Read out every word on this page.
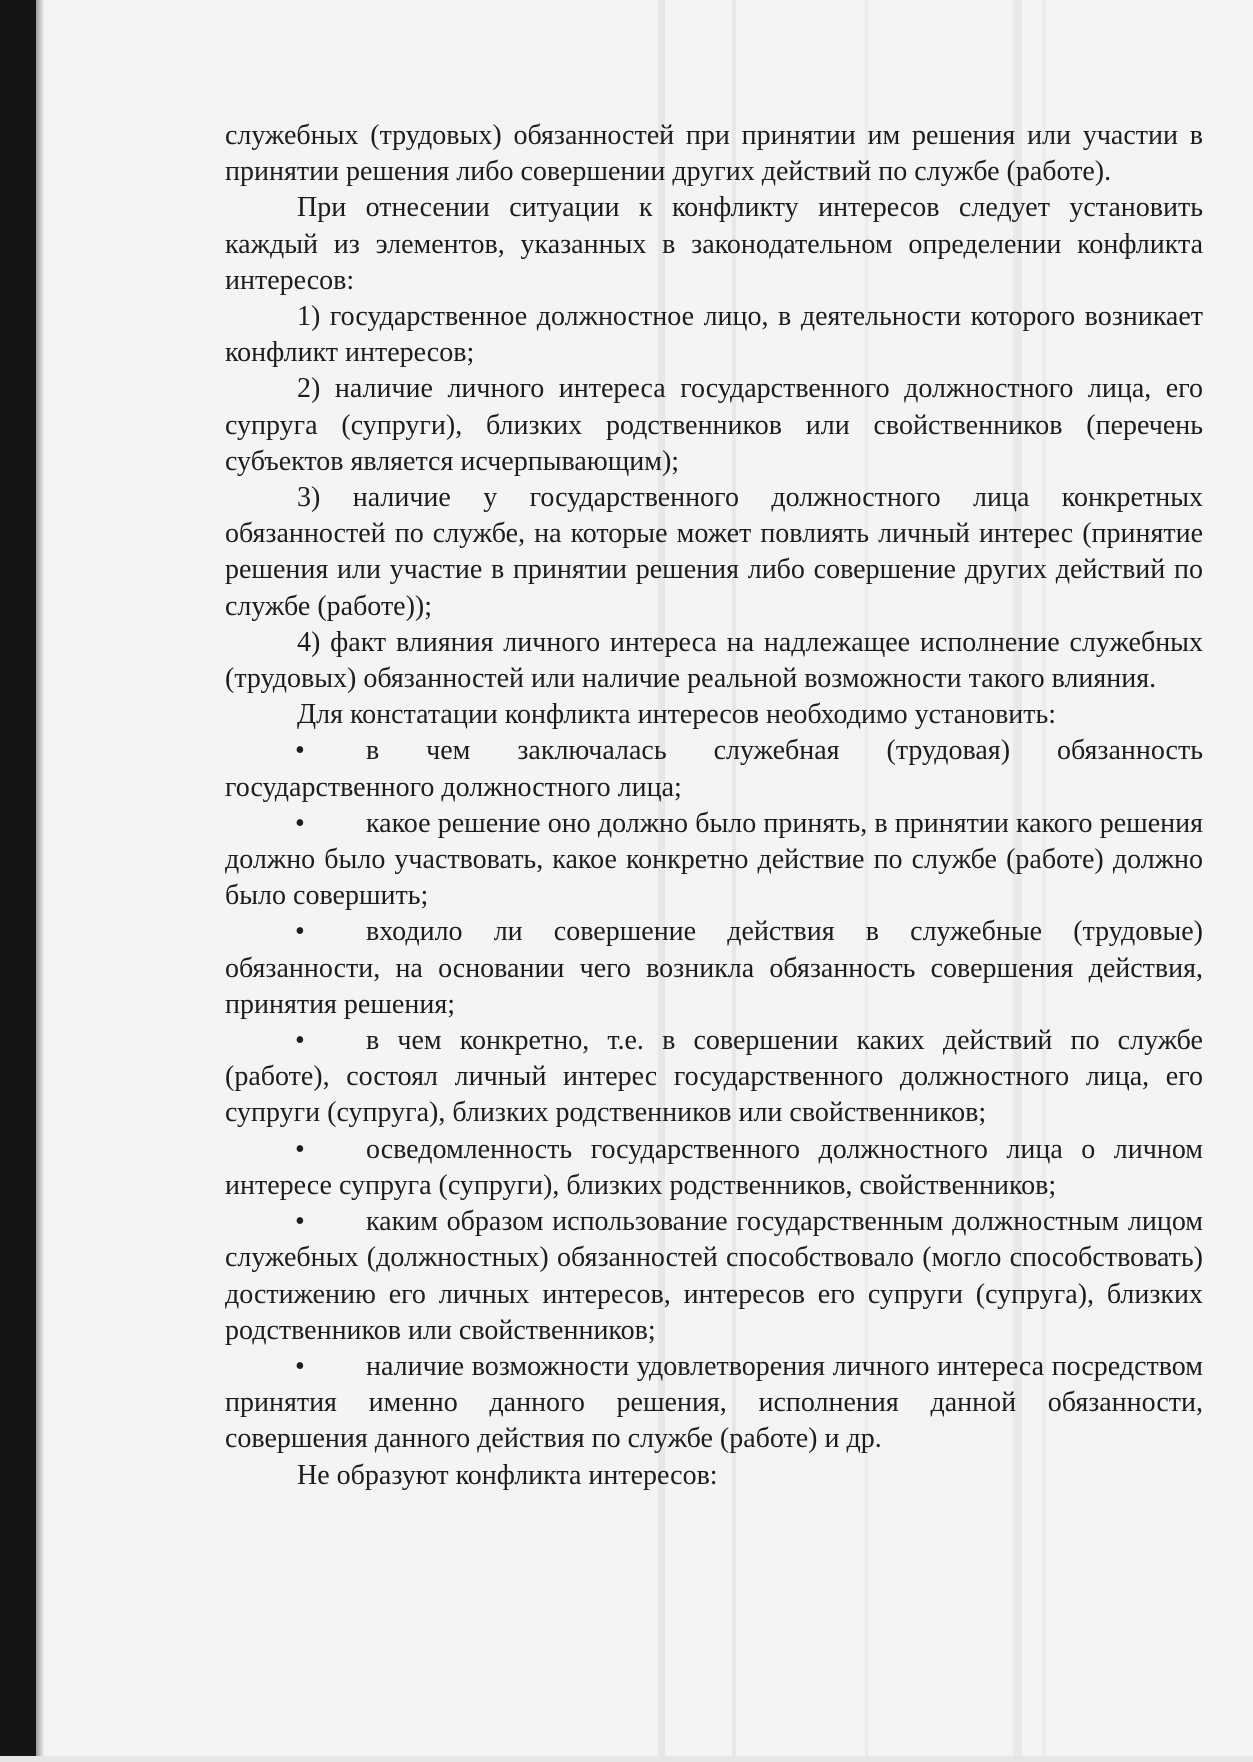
служебных (трудовых) обязанностей при принятии им решения или участии в принятии решения либо совершении других действий по службе (работе).

При отнесении ситуации к конфликту интересов следует установить каждый из элементов, указанных в законодательном определении конфликта интересов:

1) государственное должностное лицо, в деятельности которого возникает конфликт интересов;

2) наличие личного интереса государственного должностного лица, его супруга (супруги), близких родственников или свойственников (перечень субъектов является исчерпывающим);

3) наличие у государственного должностного лица конкретных обязанностей по службе, на которые может повлиять личный интерес (принятие решения или участие в принятии решения либо совершение других действий по службе (работе));

4) факт влияния личного интереса на надлежащее исполнение служебных (трудовых) обязанностей или наличие реальной возможности такого влияния.

Для констатации конфликта интересов необходимо установить:

• в чем заключалась служебная (трудовая) обязанность государственного должностного лица;

• какое решение оно должно было принять, в принятии какого решения должно было участвовать, какое конкретно действие по службе (работе) должно было совершить;

• входило ли совершение действия в служебные (трудовые) обязанности, на основании чего возникла обязанность совершения действия, принятия решения;

• в чем конкретно, т.е. в совершении каких действий по службе (работе), состоял личный интерес государственного должностного лица, его супруги (супруга), близких родственников или свойственников;

• осведомленность государственного должностного лица о личном интересе супруга (супруги), близких родственников, свойственников;

• каким образом использование государственным должностным лицом служебных (должностных) обязанностей способствовало (могло способствовать) достижению его личных интересов, интересов его супруги (супруга), близких родственников или свойственников;

• наличие возможности удовлетворения личного интереса посредством принятия именно данного решения, исполнения данной обязанности, совершения данного действия по службе (работе) и др.

Не образуют конфликта интересов:
